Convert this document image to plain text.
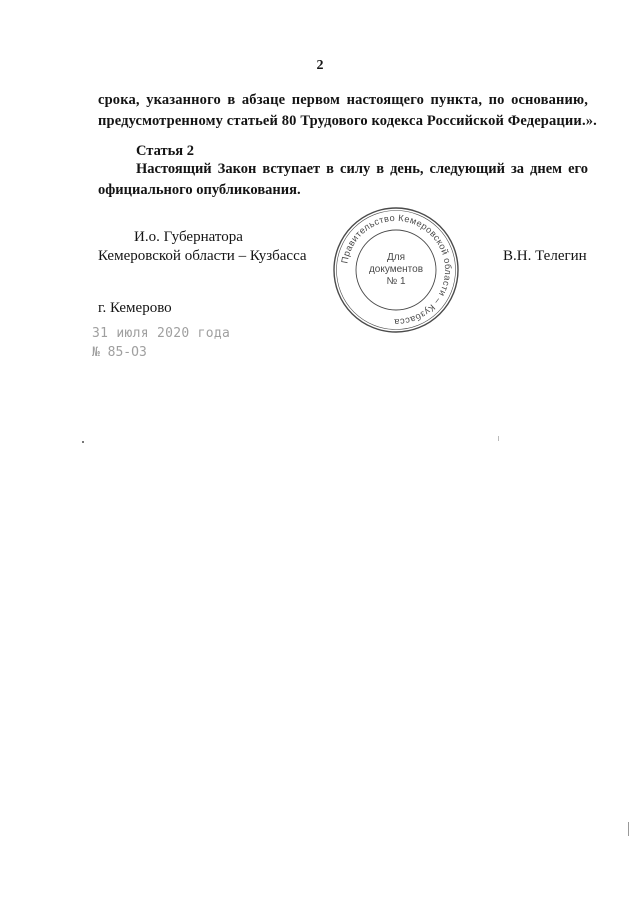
2
срока, указанного в абзаце первом настоящего пункта, по основанию,
предусмотренному статьей 80 Трудового кодекса Российской Федерации.».
Статья 2
Настоящий Закон вступает в силу в день, следующий за днем его
официального опубликования.
И.о. Губернатора
Кемеровской области – Кузбасса	В.Н. Телегин
Правительство Кемеровской области – Кузбасса
Для
документов
№ 1
г. Кемерово
31 июля 2020 года
№ 85-ОЗ
